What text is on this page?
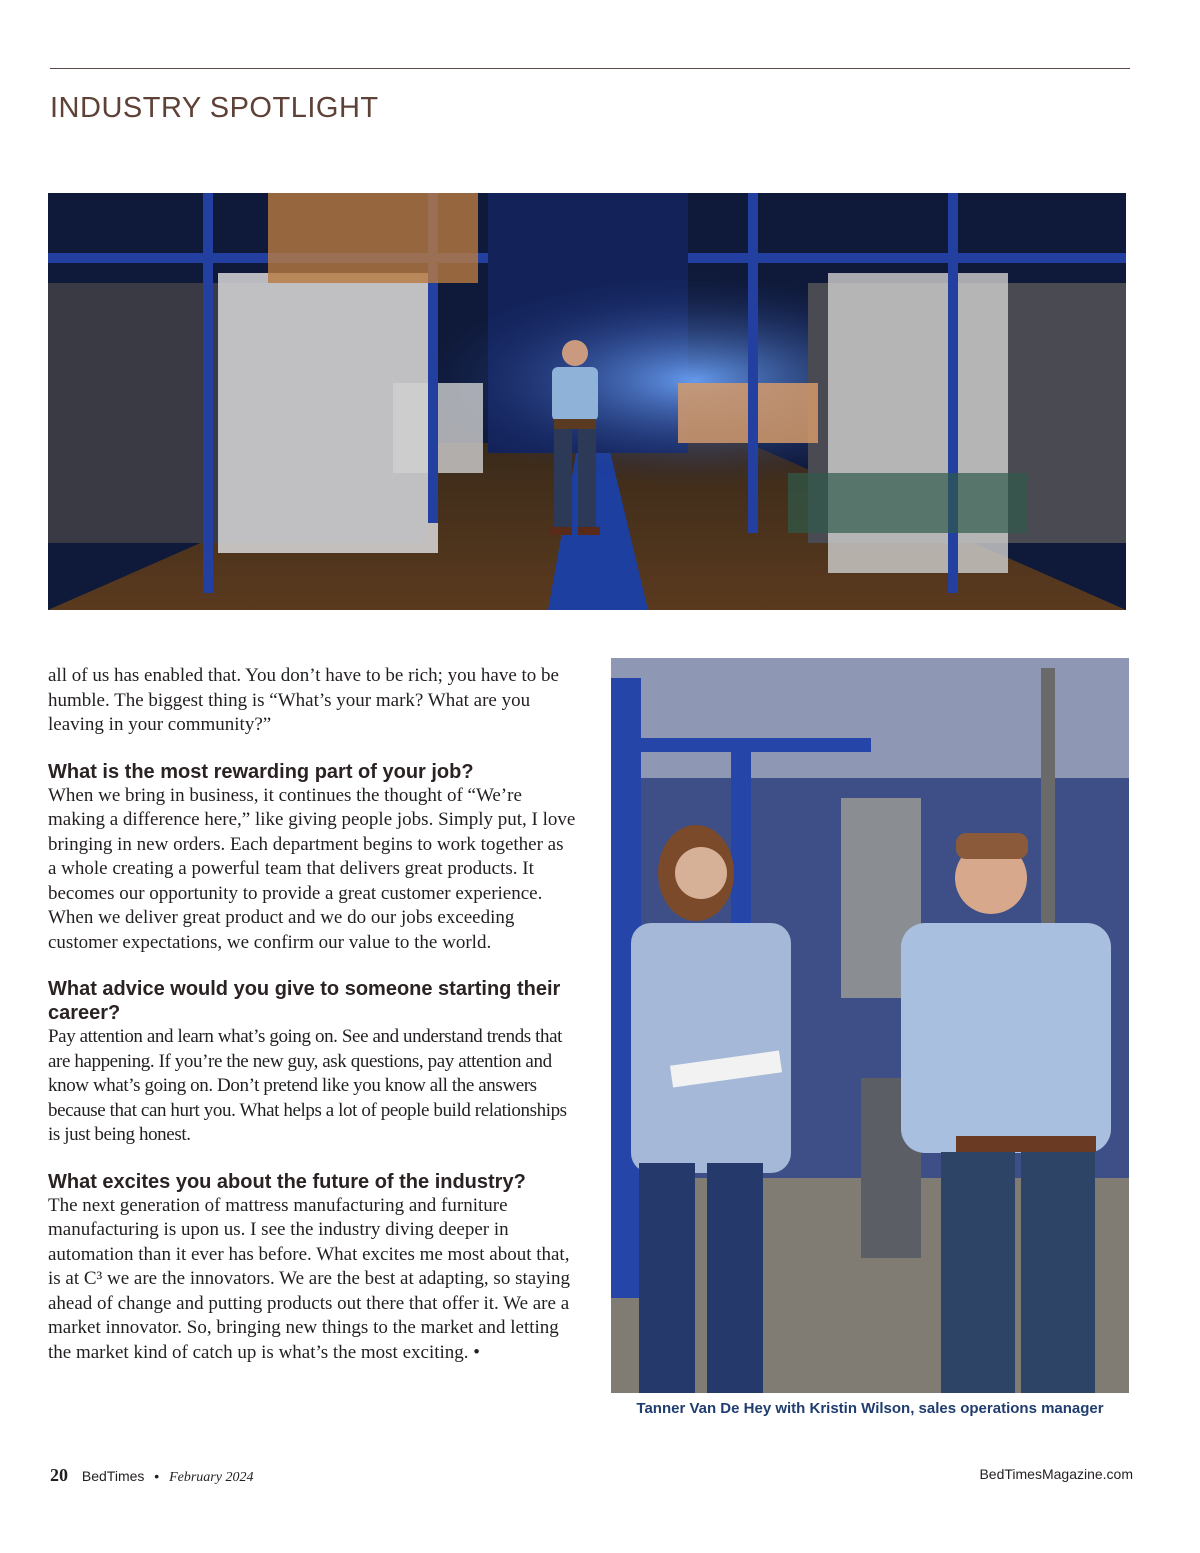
INDUSTRY SPOTLIGHT

all of us has enabled that. You don’t have to be rich; you have to be humble. The biggest thing is “What’s your mark? What are you leaving in your community?”

What is the most rewarding part of your job?

When we bring in business, it continues the thought of “We’re making a difference here,” like giving people jobs. Simply put, I love bringing in new orders. Each department begins to work together as a whole creating a powerful team that delivers great products. It becomes our opportunity to provide a great customer experience. When we deliver great product and we do our jobs exceeding customer expectations, we confirm our value to the world.

What advice would you give to someone starting their career?

Pay attention and learn what’s going on. See and understand trends that are happening. If you’re the new guy, ask questions, pay attention and know what’s going on. Don’t pretend like you know all the answers because that can hurt you. What helps a lot of people build relationships is just being honest.

What excites you about the future of the industry?

The next generation of mattress manufacturing and furniture manufacturing is upon us. I see the industry diving deeper in automation than it ever has before. What excites me most about that, is at C³ we are the innovators. We are the best at adapting, so staying ahead of change and putting products out there that offer it. We are a market innovator. So, bringing new things to the market and letting the market kind of catch up is what’s the most exciting. •

Tanner Van De Hey with Kristin Wilson, sales operations manager
20 BedTimes • February 2024	BedTimesMagazine.com
